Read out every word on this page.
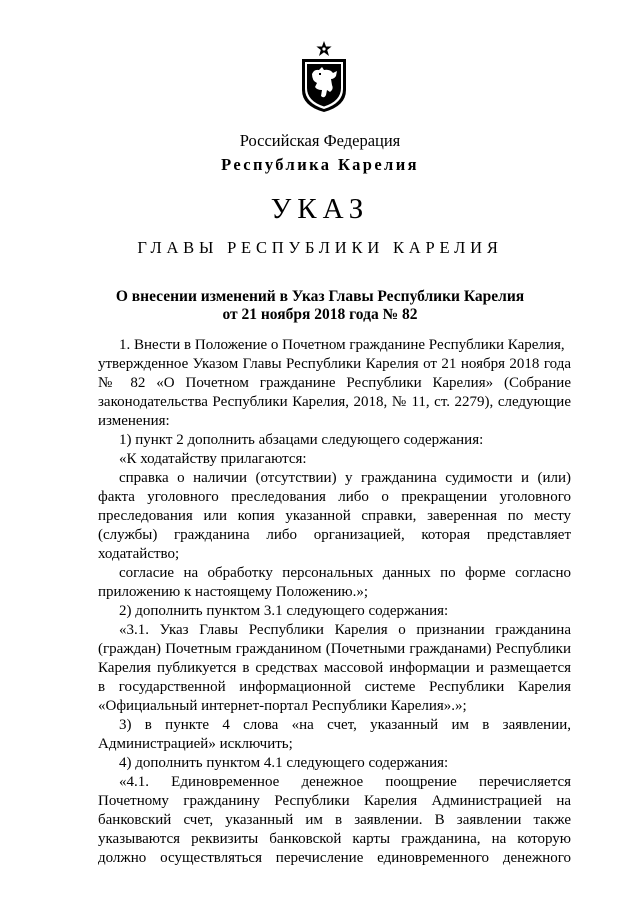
Российская Федерация
Республика Карелия
УКАЗ
ГЛАВЫ РЕСПУБЛИКИ КАРЕЛИЯ
О внесении изменений в Указ Главы Республики Карелия
от 21 ноября 2018 года № 82
1. Внести в Положение о Почетном гражданине Республики Карелия,
утвержденное Указом Главы Республики Карелия от 21 ноября 2018 года
№ 82 «О Почетном гражданине Республики Карелия» (Собрание
законодательства Республики Карелия, 2018, № 11, ст. 2279), следующие
изменения:
1) пункт 2 дополнить абзацами следующего содержания:
«К ходатайству прилагаются:
справка о наличии (отсутствии) у гражданина судимости и (или)
факта уголовного преследования либо о прекращении уголовного
преследования или копия указанной справки, заверенная по месту
(службы) гражданина либо организацией, которая представляет
ходатайство;
согласие на обработку персональных данных по форме согласно
приложению к настоящему Положению.»;
2) дополнить пунктом 3.1 следующего содержания:
«3.1. Указ Главы Республики Карелия о признании гражданина
(граждан) Почетным гражданином (Почетными гражданами) Республики
Карелия публикуется в средствах массовой информации и размещается
в государственной информационной системе Республики Карелия
«Официальный интернет-портал Республики Карелия».»;
3) в пункте 4 слова «на счет, указанный им в заявлении,
Администрацией» исключить;
4) дополнить пунктом 4.1 следующего содержания:
«4.1. Единовременное денежное поощрение перечисляется
Почетному гражданину Республики Карелия Администрацией на
банковский счет, указанный им в заявлении. В заявлении также
указываются реквизиты банковской карты гражданина, на которую
должно осуществляться перечисление единовременного денежного
